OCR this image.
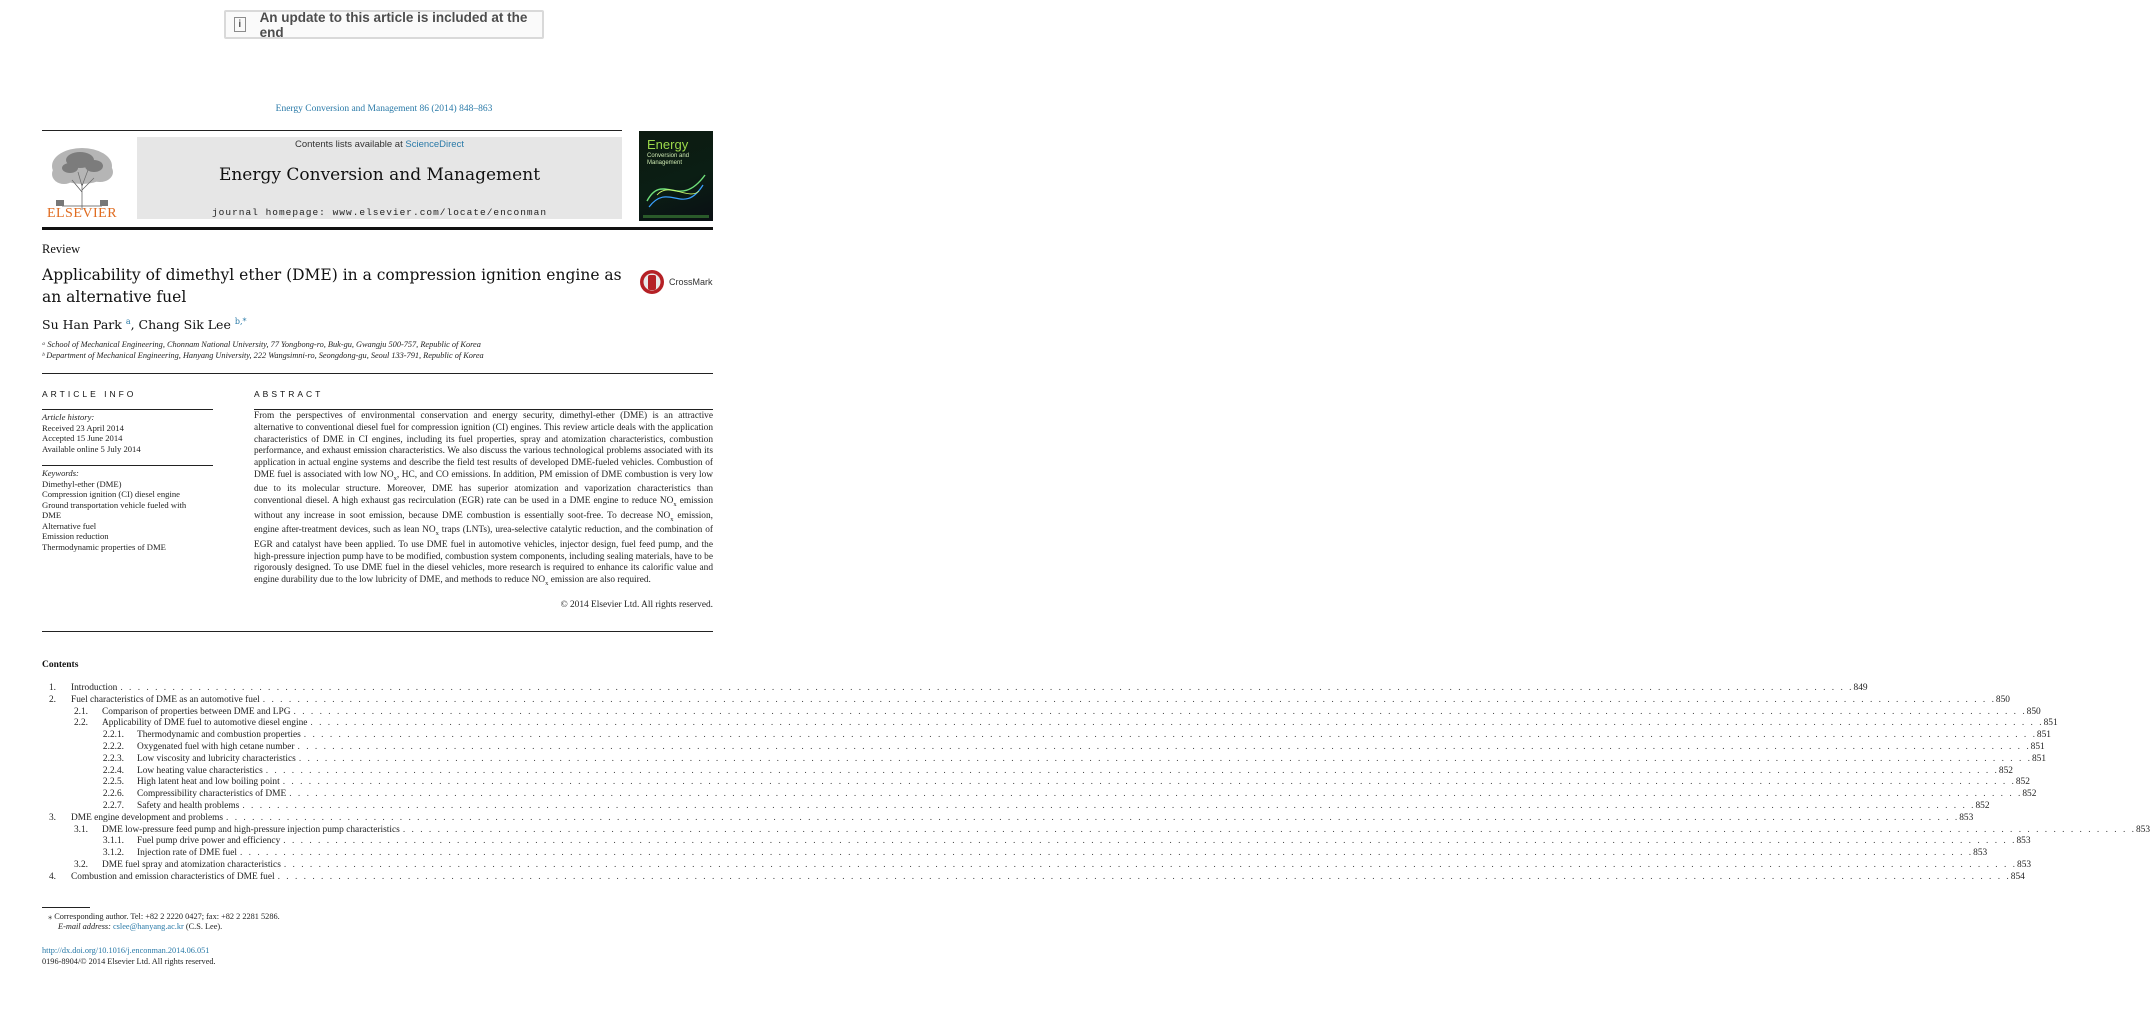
i	An update to this article is included at the end
Energy Conversion and Management 86 (2014) 848–863
ELSEVIER
Contents lists available at ScienceDirect
Energy Conversion and Management
journal homepage: www.elsevier.com/locate/enconman
Energy
Conversion and Management
Review
Applicability of dimethyl ether (DME) in a compression ignition engine as an alternative fuel
CrossMark
Su Han Park $^a$, Chang Sik Lee $^{b,*}$
ᵃ School of Mechanical Engineering, Chonnam National University, 77 Yongbong-ro, Buk-gu, Gwangju 500-757, Republic of Korea
ᵇ Department of Mechanical Engineering, Hanyang University, 222 Wangsimni-ro, Seongdong-gu, Seoul 133-791, Republic of Korea
ARTICLE INFO
Article history:
Received 23 April 2014
Accepted 15 June 2014
Available online 5 July 2014
Keywords:
Dimethyl-ether (DME)
Compression ignition (CI) diesel engine
Ground transportation vehicle fueled with
DME
Alternative fuel
Emission reduction
Thermodynamic properties of DME
ABSTRACT
From the perspectives of environmental conservation and energy security, dimethyl-ether (DME) is an attractive alternative to conventional diesel fuel for compression ignition (CI) engines. This review article deals with the application characteristics of DME in CI engines, including its fuel properties, spray and atomization characteristics, combustion performance, and exhaust emission characteristics. We also discuss the various technological problems associated with its application in actual engine systems and describe the field test results of developed DME-fueled vehicles. Combustion of DME fuel is associated with low $NO_x$, HC, and CO emissions. In addition, PM emission of DME combustion is very low due to its molecular structure. Moreover, DME has superior atomization and vaporization characteristics than conventional diesel. A high exhaust gas recirculation (EGR) rate can be used in a DME engine to reduce $NO_x$ emission without any increase in soot emission, because DME combustion is essentially soot-free. To decrease $NO_x$ emission, engine after-treatment devices, such as lean $NO_x$ traps (LNTs), urea-selective catalytic reduction, and the combination of EGR and catalyst have been applied. To use DME fuel in automotive vehicles, injector design, fuel feed pump, and the high-pressure injection pump have to be modified, combustion system components, including sealing materials, have to be rigorously designed. To use DME fuel in the diesel vehicles, more research is required to enhance its calorific value and engine durability due to the low lubricity of DME, and methods to reduce $NO_x$ emission are also required.
© 2014 Elsevier Ltd. All rights reserved.
Contents
1. Introduction . . . . . . . . . . . . . . . . . . . . . . . . . . . . . . . . . . . . . . . . . . . . . . . . . . . . . . . . . . . . . . . . . . . . . . . . . . . . . . . . . . . . . . . . . . . . . . . . . . . . . . . . . . . . . . . . . . . . . . . . . . . . . . . . . . . . . . . . . . . . . . . . . . . . . . . . . . . . . . . . . . . . . . . . . . . . . . . . . . . . . . . . . . . . . . . . . . . . . . . . 849
2. Fuel characteristics of DME as an automotive fuel . . . . . . . . . . . . . . . . . . . . . . . . . . . . . . . . . . . . . . . . . . . . . . . . . . . . . . . . . . . . . . . . . . . . . . . . . . . . . . . . . . . . . . . . . . . . . . . . . . . . . . . . . . . . . . . . . . . . . . . . . . . . . . . . . . . . . . . . . . . . . . . . . . . . . . . . . . . . . . . . . . . . . . . . . . . . . . . . . . . . . . . . . . . . . . . . . . . . . . . . 850
2.1. Comparison of properties between DME and LPG . . . . . . . . . . . . . . . . . . . . . . . . . . . . . . . . . . . . . . . . . . . . . . . . . . . . . . . . . . . . . . . . . . . . . . . . . . . . . . . . . . . . . . . . . . . . . . . . . . . . . . . . . . . . . . . . . . . . . . . . . . . . . . . . . . . . . . . . . . . . . . . . . . . . . . . . . . . . . . . . . . . . . . . . . . . . . . . . . . . . . . . . . . . . . . . . . . . . . . . . 850
2.2. Applicability of DME fuel to automotive diesel engine . . . . . . . . . . . . . . . . . . . . . . . . . . . . . . . . . . . . . . . . . . . . . . . . . . . . . . . . . . . . . . . . . . . . . . . . . . . . . . . . . . . . . . . . . . . . . . . . . . . . . . . . . . . . . . . . . . . . . . . . . . . . . . . . . . . . . . . . . . . . . . . . . . . . . . . . . . . . . . . . . . . . . . . . . . . . . . . . . . . . . . . . . . . . . . . . . . . . . . . . 851
2.2.1. Thermodynamic and combustion properties . . . . . . . . . . . . . . . . . . . . . . . . . . . . . . . . . . . . . . . . . . . . . . . . . . . . . . . . . . . . . . . . . . . . . . . . . . . . . . . . . . . . . . . . . . . . . . . . . . . . . . . . . . . . . . . . . . . . . . . . . . . . . . . . . . . . . . . . . . . . . . . . . . . . . . . . . . . . . . . . . . . . . . . . . . . . . . . . . . . . . . . . . . . . . . . . . . . . . . . . 851
2.2.2. Oxygenated fuel with high cetane number . . . . . . . . . . . . . . . . . . . . . . . . . . . . . . . . . . . . . . . . . . . . . . . . . . . . . . . . . . . . . . . . . . . . . . . . . . . . . . . . . . . . . . . . . . . . . . . . . . . . . . . . . . . . . . . . . . . . . . . . . . . . . . . . . . . . . . . . . . . . . . . . . . . . . . . . . . . . . . . . . . . . . . . . . . . . . . . . . . . . . . . . . . . . . . . . . . . . . . . . 851
2.2.3. Low viscosity and lubricity characteristics . . . . . . . . . . . . . . . . . . . . . . . . . . . . . . . . . . . . . . . . . . . . . . . . . . . . . . . . . . . . . . . . . . . . . . . . . . . . . . . . . . . . . . . . . . . . . . . . . . . . . . . . . . . . . . . . . . . . . . . . . . . . . . . . . . . . . . . . . . . . . . . . . . . . . . . . . . . . . . . . . . . . . . . . . . . . . . . . . . . . . . . . . . . . . . . . . . . . . . . . 851
2.2.4. Low heating value characteristics . . . . . . . . . . . . . . . . . . . . . . . . . . . . . . . . . . . . . . . . . . . . . . . . . . . . . . . . . . . . . . . . . . . . . . . . . . . . . . . . . . . . . . . . . . . . . . . . . . . . . . . . . . . . . . . . . . . . . . . . . . . . . . . . . . . . . . . . . . . . . . . . . . . . . . . . . . . . . . . . . . . . . . . . . . . . . . . . . . . . . . . . . . . . . . . . . . . . . . . . 852
2.2.5. High latent heat and low boiling point . . . . . . . . . . . . . . . . . . . . . . . . . . . . . . . . . . . . . . . . . . . . . . . . . . . . . . . . . . . . . . . . . . . . . . . . . . . . . . . . . . . . . . . . . . . . . . . . . . . . . . . . . . . . . . . . . . . . . . . . . . . . . . . . . . . . . . . . . . . . . . . . . . . . . . . . . . . . . . . . . . . . . . . . . . . . . . . . . . . . . . . . . . . . . . . . . . . . . . . . 852
2.2.6. Compressibility characteristics of DME . . . . . . . . . . . . . . . . . . . . . . . . . . . . . . . . . . . . . . . . . . . . . . . . . . . . . . . . . . . . . . . . . . . . . . . . . . . . . . . . . . . . . . . . . . . . . . . . . . . . . . . . . . . . . . . . . . . . . . . . . . . . . . . . . . . . . . . . . . . . . . . . . . . . . . . . . . . . . . . . . . . . . . . . . . . . . . . . . . . . . . . . . . . . . . . . . . . . . . . . 852
2.2.7. Safety and health problems . . . . . . . . . . . . . . . . . . . . . . . . . . . . . . . . . . . . . . . . . . . . . . . . . . . . . . . . . . . . . . . . . . . . . . . . . . . . . . . . . . . . . . . . . . . . . . . . . . . . . . . . . . . . . . . . . . . . . . . . . . . . . . . . . . . . . . . . . . . . . . . . . . . . . . . . . . . . . . . . . . . . . . . . . . . . . . . . . . . . . . . . . . . . . . . . . . . . . . . . 852
3. DME engine development and problems . . . . . . . . . . . . . . . . . . . . . . . . . . . . . . . . . . . . . . . . . . . . . . . . . . . . . . . . . . . . . . . . . . . . . . . . . . . . . . . . . . . . . . . . . . . . . . . . . . . . . . . . . . . . . . . . . . . . . . . . . . . . . . . . . . . . . . . . . . . . . . . . . . . . . . . . . . . . . . . . . . . . . . . . . . . . . . . . . . . . . . . . . . . . . . . . . . . . . . . . 853
3.1. DME low-pressure feed pump and high-pressure injection pump characteristics . . . . . . . . . . . . . . . . . . . . . . . . . . . . . . . . . . . . . . . . . . . . . . . . . . . . . . . . . . . . . . . . . . . . . . . . . . . . . . . . . . . . . . . . . . . . . . . . . . . . . . . . . . . . . . . . . . . . . . . . . . . . . . . . . . . . . . . . . . . . . . . . . . . . . . . . . . . . . . . . . . . . . . . . . . . . . . . . . . . . . . . . . . . . . . . . . . . . . . . . 853
3.1.1. Fuel pump drive power and efficiency . . . . . . . . . . . . . . . . . . . . . . . . . . . . . . . . . . . . . . . . . . . . . . . . . . . . . . . . . . . . . . . . . . . . . . . . . . . . . . . . . . . . . . . . . . . . . . . . . . . . . . . . . . . . . . . . . . . . . . . . . . . . . . . . . . . . . . . . . . . . . . . . . . . . . . . . . . . . . . . . . . . . . . . . . . . . . . . . . . . . . . . . . . . . . . . . . . . . . . . . 853
3.1.2. Injection rate of DME fuel . . . . . . . . . . . . . . . . . . . . . . . . . . . . . . . . . . . . . . . . . . . . . . . . . . . . . . . . . . . . . . . . . . . . . . . . . . . . . . . . . . . . . . . . . . . . . . . . . . . . . . . . . . . . . . . . . . . . . . . . . . . . . . . . . . . . . . . . . . . . . . . . . . . . . . . . . . . . . . . . . . . . . . . . . . . . . . . . . . . . . . . . . . . . . . . . . . . . . . . . 853
3.2. DME fuel spray and atomization characteristics . . . . . . . . . . . . . . . . . . . . . . . . . . . . . . . . . . . . . . . . . . . . . . . . . . . . . . . . . . . . . . . . . . . . . . . . . . . . . . . . . . . . . . . . . . . . . . . . . . . . . . . . . . . . . . . . . . . . . . . . . . . . . . . . . . . . . . . . . . . . . . . . . . . . . . . . . . . . . . . . . . . . . . . . . . . . . . . . . . . . . . . . . . . . . . . . . . . . . . . . 853
4. Combustion and emission characteristics of DME fuel . . . . . . . . . . . . . . . . . . . . . . . . . . . . . . . . . . . . . . . . . . . . . . . . . . . . . . . . . . . . . . . . . . . . . . . . . . . . . . . . . . . . . . . . . . . . . . . . . . . . . . . . . . . . . . . . . . . . . . . . . . . . . . . . . . . . . . . . . . . . . . . . . . . . . . . . . . . . . . . . . . . . . . . . . . . . . . . . . . . . . . . . . . . . . . . . . . . . . . . . 854
⁎ Corresponding author. Tel: +82 2 2220 0427; fax: +82 2 2281 5286.
E-mail address: cslee@hanyang.ac.kr (C.S. Lee).
http://dx.doi.org/10.1016/j.enconman.2014.06.051
0196-8904/© 2014 Elsevier Ltd. All rights reserved.
